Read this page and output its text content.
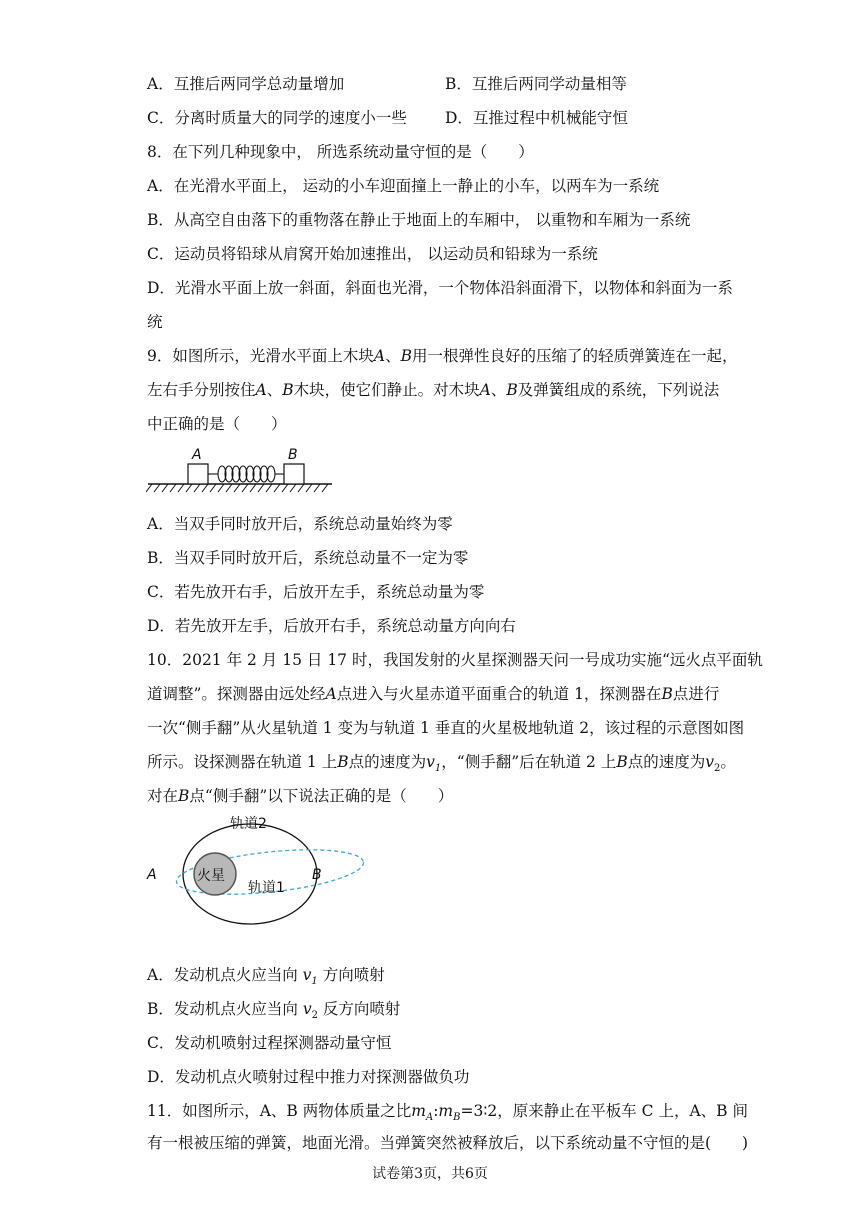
A．互推后两同学总动量增加	B．互推后两同学动量相等
C．分离时质量大的同学的速度小一些 D．互推过程中机械能守恒
8．在下列几种现象中， 所选系统动量守恒的是（　　）
A．在光滑水平面上， 运动的小车迎面撞上一静止的小车，以两车为一系统
B．从高空自由落下的重物落在静止于地面上的车厢中， 以重物和车厢为一系统
C．运动员将铅球从肩窝开始加速推出， 以运动员和铅球为一系统
D．光滑水平面上放一斜面，斜面也光滑，一个物体沿斜面滑下，以物体和斜面为一系
统
9．如图所示，光滑水平面上木块A、B用一根弹性良好的压缩了的轻质弹簧连在一起，
左右手分别按住A、B木块，使它们静止。对木块A、B及弹簧组成的系统，下列说法
中正确的是（　　）
A	B
A．当双手同时放开后，系统总动量始终为零
B．当双手同时放开后，系统总动量不一定为零
C．若先放开右手，后放开左手，系统总动量为零
D．若先放开左手，后放开右手，系统总动量方向向右
10．2021 年 2 月 15 日 17 时，我国发射的火星探测器天问一号成功实施“远火点平面轨
道调整”。探测器由远处经A点进入与火星赤道平面重合的轨道 1，探测器在B点进行
一次“侧手翻”从火星轨道 1 变为与轨道 1 垂直的火星极地轨道 2，该过程的示意图如图
所示。设探测器在轨道 1 上B点的速度为$v_1$，“侧手翻”后在轨道 2 上B点的速度为$v_2$。
对在B点“侧手翻”以下说法正确的是（　　）
火星
轨道2
轨道1
A	B
A．发动机点火应当向 $v_1$ 方向喷射
B．发动机点火应当向 $v_2$ 反方向喷射
C．发动机喷射过程探测器动量守恒
D．发动机点火喷射过程中推力对探测器做负功
11．如图所示，A、B 两物体质量之比$m_A:m_B=3∶2$，原来静止在平板车 C 上，A、B 间
有一根被压缩的弹簧，地面光滑。当弹簧突然被释放后，以下系统动量不守恒的是(　　)
试卷第3页，共6页
